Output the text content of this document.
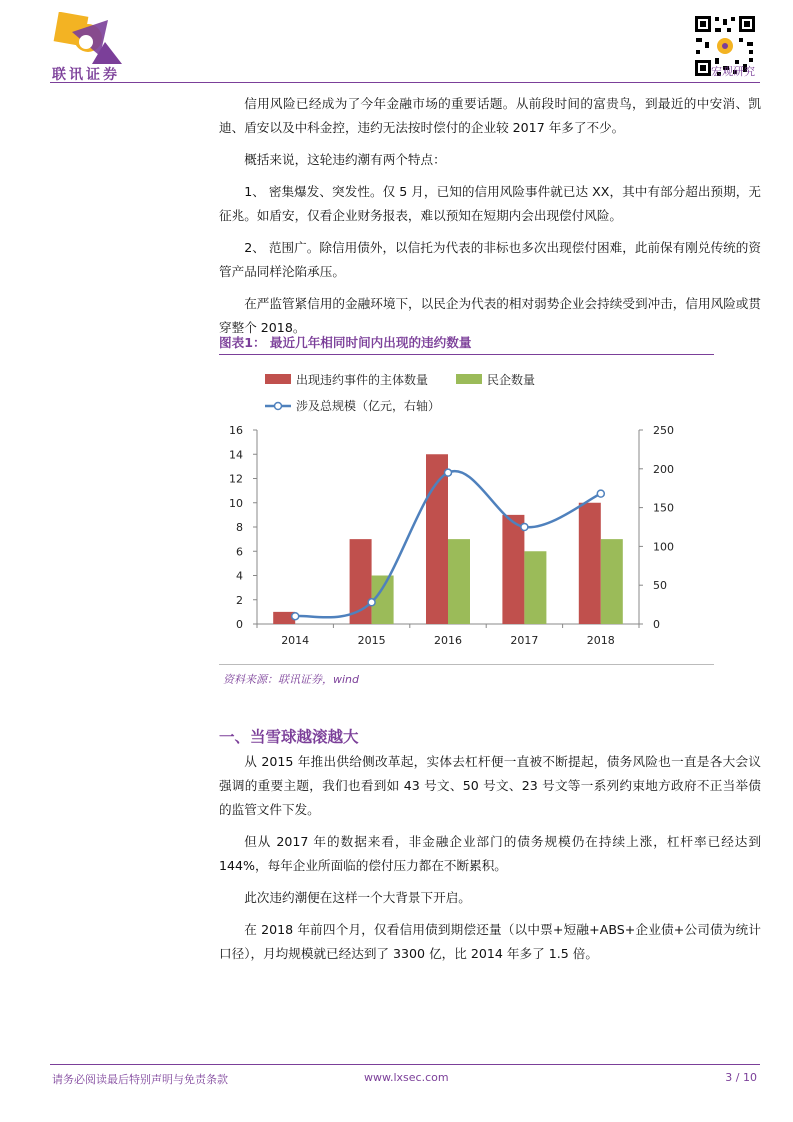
联讯证券	宏观研究

信用风险已经成为了今年金融市场的重要话题。从前段时间的富贵鸟，到最近的中安消、凯迪、盾安以及中科金控，违约无法按时偿付的企业较 2017 年多了不少。

概括来说，这轮违约潮有两个特点：

1、 密集爆发、突发性。仅 5 月，已知的信用风险事件就已达 XX，其中有部分超出预期，无征兆。如盾安，仅看企业财务报表，难以预知在短期内会出现偿付风险。

2、 范围广。除信用债外，以信托为代表的非标也多次出现偿付困难，此前保有刚兑传统的资管产品同样沦陷承压。

在严监管紧信用的金融环境下，以民企为代表的相对弱势企业会持续受到冲击，信用风险或贯穿整个 2018。

图表1： 最近几年相同时间内出现的违约数量
出现违约事件的主体数量	民企数量
涉及总规模（亿元，右轴）
0
2
4
6
8
10
12
14
16
0
50
100
150
200
250
2014	2015	2016	2017	2018
资料来源：联讯证券，wind
一、当雪球越滚越大

从 2015 年推出供给侧改革起，实体去杠杆便一直被不断提起，债务风险也一直是各大会议强调的重要主题，我们也看到如 43 号文、50 号文、23 号文等一系列约束地方政府不正当举债的监管文件下发。

但从 2017 年的数据来看，非金融企业部门的债务规模仍在持续上涨，杠杆率已经达到 144%，每年企业所面临的偿付压力都在不断累积。

此次违约潮便在这样一个大背景下开启。

在 2018 年前四个月，仅看信用债到期偿还量（以中票+短融+ABS+企业债+公司债为统计口径），月均规模就已经达到了 3300 亿，比 2014 年多了 1.5 倍。

请务必阅读最后特别声明与免责条款	www.lxsec.com	3 / 10
